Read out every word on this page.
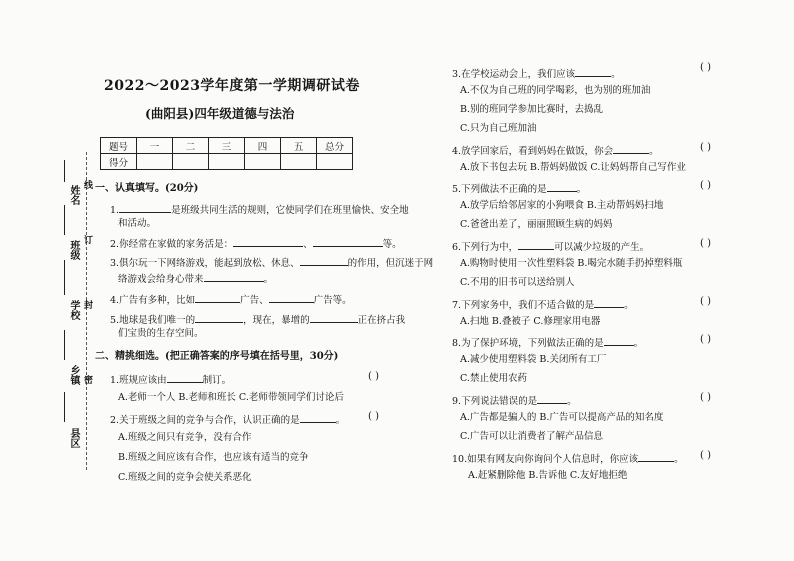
姓名
班级
学校
乡镇
县区
线
订
封
密
2022～2023学年度第一学期调研试卷
(曲阳县)四年级道德与法治
题号	一	二	三	四	五	总分
得分						
一、认真填写。(20分)
1.	是班级共同生活的规则，它使同学们在班里愉快、安全地
和活动。
2.你经常在家做的家务活是：	、	等。
3.俱尔玩一下网络游戏，能起到放松、休息、	的作用，但沉迷于网
络游戏会给身心带来	。
4.广告有多种，比如	广告、	广告等。
5.地球是我们唯一的	，现在，暴增的	正在挤占我
们宝贵的生存空间。
二、精挑细选。(把正确答案的序号填在括号里，30分)
1.班规应该由	制订。	( )
A.老师一个人 B.老师和班长 C.老师带领同学们讨论后
2.关于班级之间的竞争与合作，认识正确的是	。 ( )
A.班级之间只有竞争，没有合作
B.班级之间应该有合作，也应该有适当的竞争
C.班级之间的竞争会使关系恶化
3.在学校运动会上，我们应该	。
( )
A.不仅为自己班的同学喝彩，也为别的班加油
B.别的班同学参加比赛时，去捣乱
C.只为自己班加油
4.放学回家后，看到妈妈在做饭，你会	。	( )
A.放下书包去玩 B.帮妈妈做饭 C.让妈妈帮自己写作业
5.下列做法不正确的是	。	( )
A.放学后给邻居家的小狗喂食 B.主动帮妈妈扫地
C.爸爸出差了，丽丽照顾生病的妈妈
6.下列行为中，	可以减少垃圾的产生。	( )
A.购物时使用一次性塑料袋 B.喝完水随手扔掉塑料瓶
C.不用的旧书可以送给别人
7.下列家务中，我们不适合做的是	。	( )
A.扫地 B.叠被子 C.修理家用电器
8.为了保护环境，下列做法正确的是	。	( )
A.减少使用塑料袋 B.关闭所有工厂
C.禁止使用农药
9.下列说法错误的是	。	( )
A.广告都是骗人的 B.广告可以提高产品的知名度
C.广告可以让消费者了解产品信息
10.如果有网友向你询问个人信息时，你应该	。 ( )
A.赶紧删除他 B.告诉他 C.友好地拒绝
